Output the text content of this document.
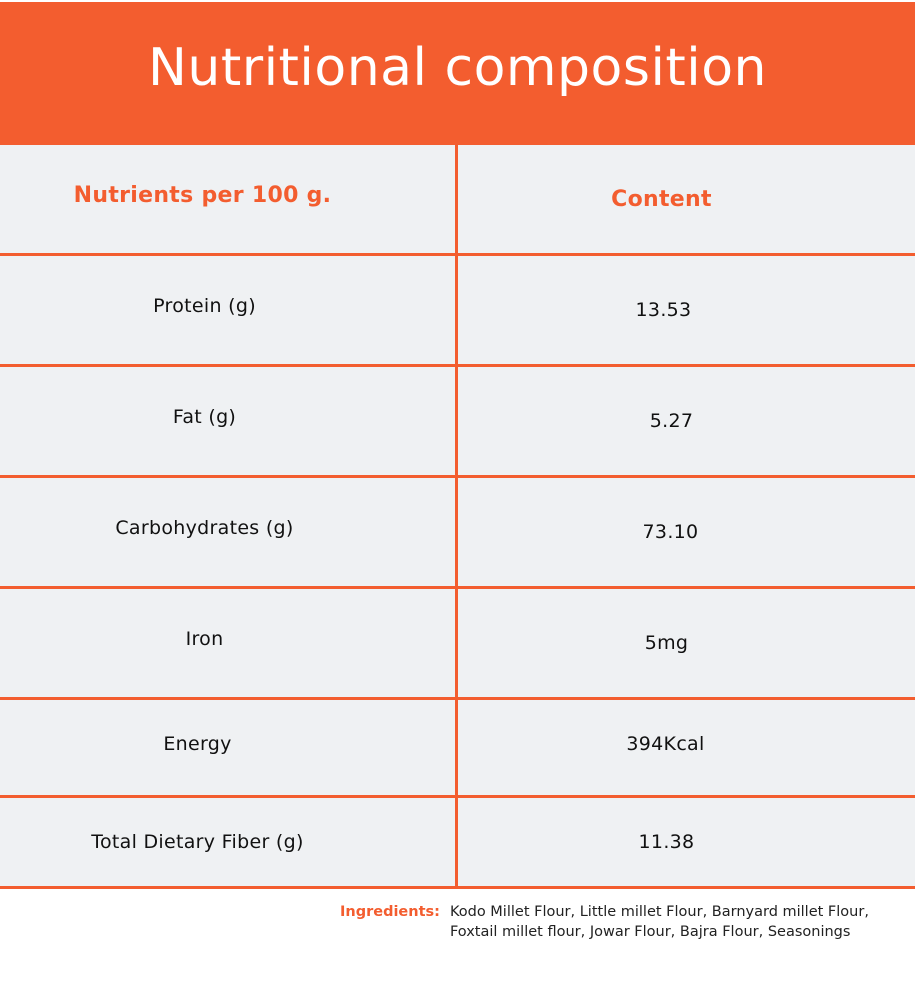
Nutritional composition
Nutrients per 100 g.	Content
Protein (g)	13.53
Fat (g)	5.27
Carbohydrates (g)	73.10
Iron	5mg
Energy	394Kcal
Total Dietary Fiber (g)	11.38
Ingredients: Kodo Millet Flour, Little millet Flour, Barnyard millet Flour, Foxtail millet flour, Jowar Flour, Bajra Flour, Seasonings
